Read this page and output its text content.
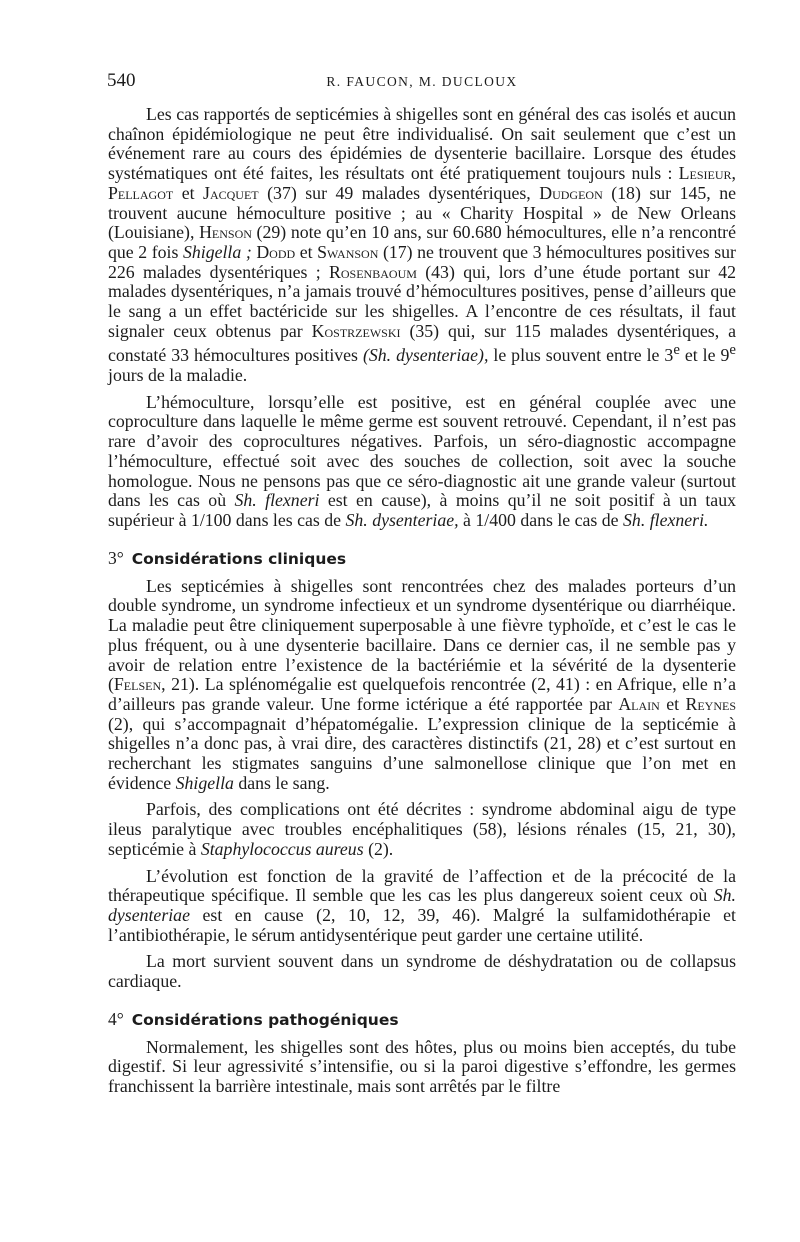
540	R. FAUCON, M. DUCLOUX

Les cas rapportés de septicémies à shigelles sont en général des cas isolés et aucun chaînon épidémiologique ne peut être individualisé. On sait seulement que c’est un événement rare au cours des épidémies de dysenterie bacillaire. Lorsque des études systématiques ont été faites, les résultats ont été pratiquement toujours nuls : Lesieur, Pellagot et Jacquet (37) sur 49 malades dysentériques, Dudgeon (18) sur 145, ne trouvent aucune hémoculture positive ; au « Charity Hospital » de New Orleans (Louisiane), Henson (29) note qu’en 10 ans, sur 60.680 hémocultures, elle n’a rencontré que 2 fois Shigella ; Dodd et Swanson (17) ne trouvent que 3 hémocultures positives sur 226 malades dysentériques ; Rosenbaoum (43) qui, lors d’une étude portant sur 42 malades dysentériques, n’a jamais trouvé d’hémocultures positives, pense d’ailleurs que le sang a un effet bactéricide sur les shigelles. A l’encontre de ces résultats, il faut signaler ceux obtenus par Kostrzewski (35) qui, sur 115 malades dysentériques, a constaté 33 hémocultures positives (Sh. dysenteriae), le plus souvent entre le 3e et le 9e jours de la maladie.

L’hémoculture, lorsqu’elle est positive, est en général couplée avec une coproculture dans laquelle le même germe est souvent retrouvé. Cependant, il n’est pas rare d’avoir des coprocultures négatives. Parfois, un séro-diagnostic accompagne l’hémoculture, effectué soit avec des souches de collection, soit avec la souche homologue. Nous ne pensons pas que ce séro-diagnostic ait une grande valeur (surtout dans les cas où Sh. flexneri est en cause), à moins qu’il ne soit positif à un taux supérieur à 1/100 dans les cas de Sh. dysenteriae, à 1/400 dans le cas de Sh. flexneri.

3° Considérations cliniques

Les septicémies à shigelles sont rencontrées chez des malades porteurs d’un double syndrome, un syndrome infectieux et un syndrome dysentérique ou diarrhéique. La maladie peut être cliniquement superposable à une fièvre typhoïde, et c’est le cas le plus fréquent, ou à une dysenterie bacillaire. Dans ce dernier cas, il ne semble pas y avoir de relation entre l’existence de la bactériémie et la sévérité de la dysenterie (Felsen, 21). La splénomégalie est quelquefois rencontrée (2, 41) : en Afrique, elle n’a d’ailleurs pas grande valeur. Une forme ictérique a été rapportée par Alain et Reynes (2), qui s’accompagnait d’hépatomégalie. L’expression clinique de la septicémie à shigelles n’a donc pas, à vrai dire, des caractères distinctifs (21, 28) et c’est surtout en recherchant les stigmates sanguins d’une salmonellose clinique que l’on met en évidence Shigella dans le sang.

Parfois, des complications ont été décrites : syndrome abdominal aigu de type ileus paralytique avec troubles encéphalitiques (58), lésions rénales (15, 21, 30), septicémie à Staphylococcus aureus (2).

L’évolution est fonction de la gravité de l’affection et de la précocité de la thérapeutique spécifique. Il semble que les cas les plus dangereux soient ceux où Sh. dysenteriae est en cause (2, 10, 12, 39, 46). Malgré la sulfamidothérapie et l’antibiothérapie, le sérum antidysentérique peut garder une certaine utilité.

La mort survient souvent dans un syndrome de déshydratation ou de collapsus cardiaque.

4° Considérations pathogéniques

Normalement, les shigelles sont des hôtes, plus ou moins bien acceptés, du tube digestif. Si leur agressivité s’intensifie, ou si la paroi digestive s’effondre, les germes franchissent la barrière intestinale, mais sont arrêtés par le filtre
